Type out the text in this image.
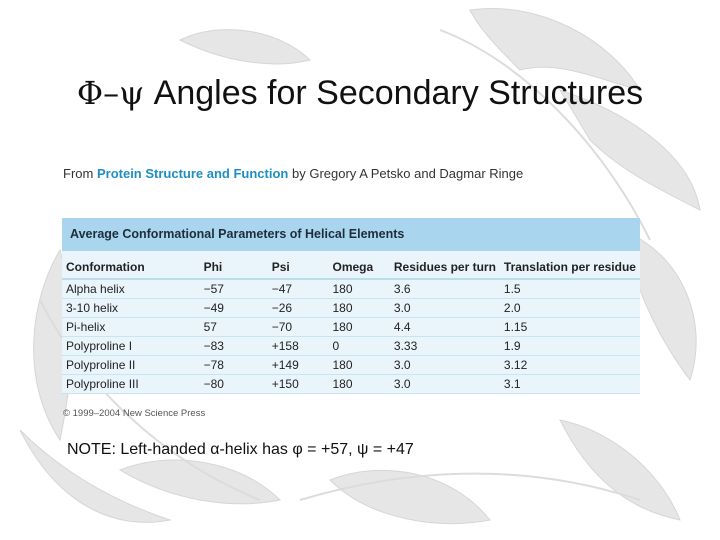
Φ–ψ Angles for Secondary Structures
From Protein Structure and Function by Gregory A Petsko and Dagmar Ringe
Average Conformational Parameters of Helical Elements
Conformation	Phi	Psi	Omega	Residues per turn	Translation per residue
Alpha helix	−57	−47	180	3.6	1.5
3-10 helix	−49	−26	180	3.0	2.0
Pi-helix	57	−70	180	4.4	1.15
Polyproline I	−83	+158	0	3.33	1.9
Polyproline II	−78	+149	180	3.0	3.12
Polyproline III	−80	+150	180	3.0	3.1
© 1999–2004 New Science Press
NOTE: Left-handed α-helix has φ = +57, ψ = +47
